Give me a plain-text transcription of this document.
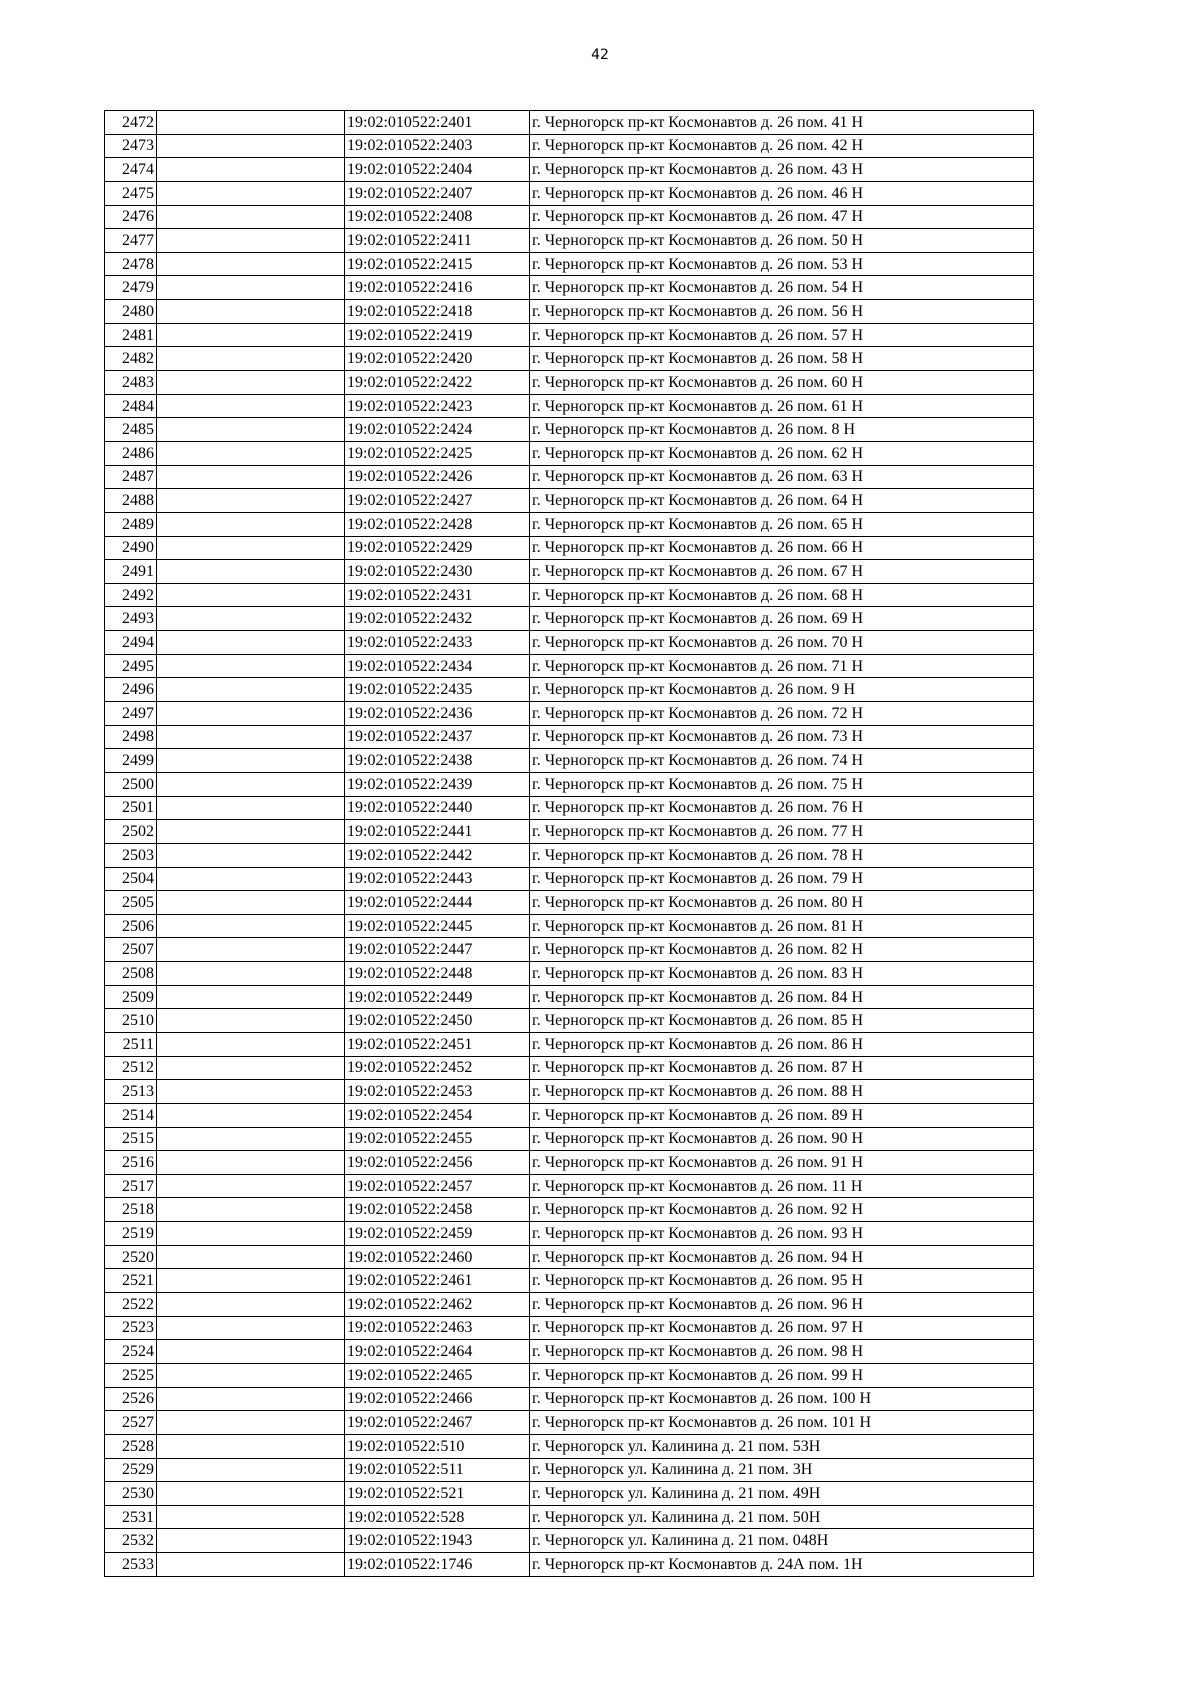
42
2472		19:02:010522:2401	г. Черногорск пр-кт Космонавтов д. 26 пом. 41 Н
2473		19:02:010522:2403	г. Черногорск пр-кт Космонавтов д. 26 пом. 42 Н
2474		19:02:010522:2404	г. Черногорск пр-кт Космонавтов д. 26 пом. 43 Н
2475		19:02:010522:2407	г. Черногорск пр-кт Космонавтов д. 26 пом. 46 Н
2476		19:02:010522:2408	г. Черногорск пр-кт Космонавтов д. 26 пом. 47 Н
2477		19:02:010522:2411	г. Черногорск пр-кт Космонавтов д. 26 пом. 50 Н
2478		19:02:010522:2415	г. Черногорск пр-кт Космонавтов д. 26 пом. 53 Н
2479		19:02:010522:2416	г. Черногорск пр-кт Космонавтов д. 26 пом. 54 Н
2480		19:02:010522:2418	г. Черногорск пр-кт Космонавтов д. 26 пом. 56 Н
2481		19:02:010522:2419	г. Черногорск пр-кт Космонавтов д. 26 пом. 57 Н
2482		19:02:010522:2420	г. Черногорск пр-кт Космонавтов д. 26 пом. 58 Н
2483		19:02:010522:2422	г. Черногорск пр-кт Космонавтов д. 26 пом. 60 Н
2484		19:02:010522:2423	г. Черногорск пр-кт Космонавтов д. 26 пом. 61 Н
2485		19:02:010522:2424	г. Черногорск пр-кт Космонавтов д. 26 пом. 8 Н
2486		19:02:010522:2425	г. Черногорск пр-кт Космонавтов д. 26 пом. 62 Н
2487		19:02:010522:2426	г. Черногорск пр-кт Космонавтов д. 26 пом. 63 Н
2488		19:02:010522:2427	г. Черногорск пр-кт Космонавтов д. 26 пом. 64 Н
2489		19:02:010522:2428	г. Черногорск пр-кт Космонавтов д. 26 пом. 65 Н
2490		19:02:010522:2429	г. Черногорск пр-кт Космонавтов д. 26 пом. 66 Н
2491		19:02:010522:2430	г. Черногорск пр-кт Космонавтов д. 26 пом. 67 Н
2492		19:02:010522:2431	г. Черногорск пр-кт Космонавтов д. 26 пом. 68 Н
2493		19:02:010522:2432	г. Черногорск пр-кт Космонавтов д. 26 пом. 69 Н
2494		19:02:010522:2433	г. Черногорск пр-кт Космонавтов д. 26 пом. 70 Н
2495		19:02:010522:2434	г. Черногорск пр-кт Космонавтов д. 26 пом. 71 Н
2496		19:02:010522:2435	г. Черногорск пр-кт Космонавтов д. 26 пом. 9 Н
2497		19:02:010522:2436	г. Черногорск пр-кт Космонавтов д. 26 пом. 72 Н
2498		19:02:010522:2437	г. Черногорск пр-кт Космонавтов д. 26 пом. 73 Н
2499		19:02:010522:2438	г. Черногорск пр-кт Космонавтов д. 26 пом. 74 Н
2500		19:02:010522:2439	г. Черногорск пр-кт Космонавтов д. 26 пом. 75 Н
2501		19:02:010522:2440	г. Черногорск пр-кт Космонавтов д. 26 пом. 76 Н
2502		19:02:010522:2441	г. Черногорск пр-кт Космонавтов д. 26 пом. 77 Н
2503		19:02:010522:2442	г. Черногорск пр-кт Космонавтов д. 26 пом. 78 Н
2504		19:02:010522:2443	г. Черногорск пр-кт Космонавтов д. 26 пом. 79 Н
2505		19:02:010522:2444	г. Черногорск пр-кт Космонавтов д. 26 пом. 80 Н
2506		19:02:010522:2445	г. Черногорск пр-кт Космонавтов д. 26 пом. 81 Н
2507		19:02:010522:2447	г. Черногорск пр-кт Космонавтов д. 26 пом. 82 Н
2508		19:02:010522:2448	г. Черногорск пр-кт Космонавтов д. 26 пом. 83 Н
2509		19:02:010522:2449	г. Черногорск пр-кт Космонавтов д. 26 пом. 84 Н
2510		19:02:010522:2450	г. Черногорск пр-кт Космонавтов д. 26 пом. 85 Н
2511		19:02:010522:2451	г. Черногорск пр-кт Космонавтов д. 26 пом. 86 Н
2512		19:02:010522:2452	г. Черногорск пр-кт Космонавтов д. 26 пом. 87 Н
2513		19:02:010522:2453	г. Черногорск пр-кт Космонавтов д. 26 пом. 88 Н
2514		19:02:010522:2454	г. Черногорск пр-кт Космонавтов д. 26 пом. 89 Н
2515		19:02:010522:2455	г. Черногорск пр-кт Космонавтов д. 26 пом. 90 Н
2516		19:02:010522:2456	г. Черногорск пр-кт Космонавтов д. 26 пом. 91 Н
2517		19:02:010522:2457	г. Черногорск пр-кт Космонавтов д. 26 пом. 11 Н
2518		19:02:010522:2458	г. Черногорск пр-кт Космонавтов д. 26 пом. 92 Н
2519		19:02:010522:2459	г. Черногорск пр-кт Космонавтов д. 26 пом. 93 Н
2520		19:02:010522:2460	г. Черногорск пр-кт Космонавтов д. 26 пом. 94 Н
2521		19:02:010522:2461	г. Черногорск пр-кт Космонавтов д. 26 пом. 95 Н
2522		19:02:010522:2462	г. Черногорск пр-кт Космонавтов д. 26 пом. 96 Н
2523		19:02:010522:2463	г. Черногорск пр-кт Космонавтов д. 26 пом. 97 Н
2524		19:02:010522:2464	г. Черногорск пр-кт Космонавтов д. 26 пом. 98 Н
2525		19:02:010522:2465	г. Черногорск пр-кт Космонавтов д. 26 пом. 99 Н
2526		19:02:010522:2466	г. Черногорск пр-кт Космонавтов д. 26 пом. 100 Н
2527		19:02:010522:2467	г. Черногорск пр-кт Космонавтов д. 26 пом. 101 Н
2528		19:02:010522:510	г. Черногорск ул. Калинина д. 21 пом. 53Н
2529		19:02:010522:511	г. Черногорск ул. Калинина д. 21 пом. 3Н
2530		19:02:010522:521	г. Черногорск ул. Калинина д. 21 пом. 49Н
2531		19:02:010522:528	г. Черногорск ул. Калинина д. 21 пом. 50Н
2532		19:02:010522:1943	г. Черногорск ул. Калинина д. 21 пом. 048Н
2533		19:02:010522:1746	г. Черногорск пр-кт Космонавтов д. 24А пом. 1Н
